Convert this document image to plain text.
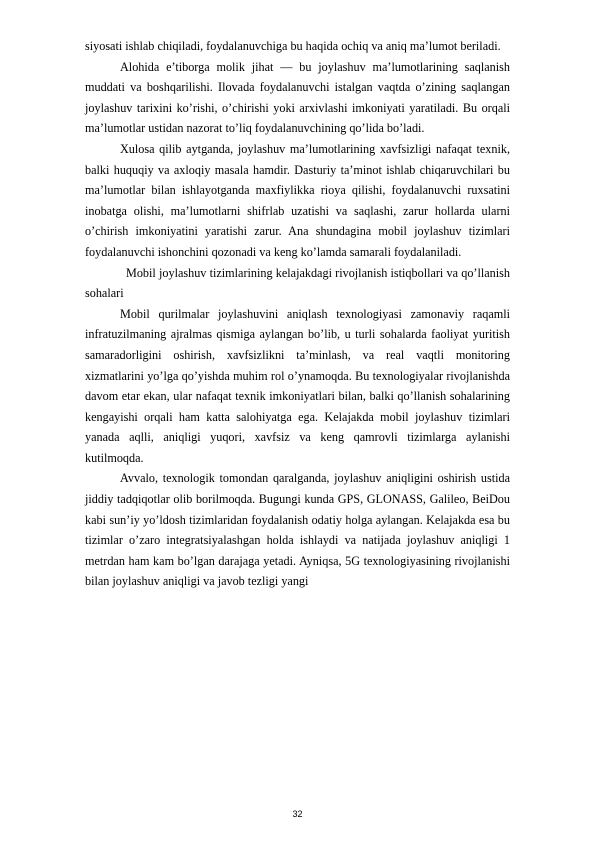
siyosati ishlab chiqiladi, foydalanuvchiga bu haqida ochiq va aniq ma’lumot beriladi.

Alohida e’tiborga molik jihat — bu joylashuv ma’lumotlarining saqlanish muddati va boshqarilishi. Ilovada foydalanuvchi istalgan vaqtda o’zining saqlangan joylashuv tarixini ko’rishi, o’chirishi yoki arxivlashi imkoniyati yaratiladi. Bu orqali ma’lumotlar ustidan nazorat to’liq foydalanuvchining qo’lida bo’ladi.

Xulosa qilib aytganda, joylashuv ma’lumotlarining xavfsizligi nafaqat texnik, balki huquqiy va axloqiy masala hamdir. Dasturiy ta’minot ishlab chiqaruvchilari bu ma’lumotlar bilan ishlayotganda maxfiylikka rioya qilishi, foydalanuvchi ruxsatini inobatga olishi, ma’lumotlarni shifrlab uzatishi va saqlashi, zarur hollarda ularni o’chirish imkoniyatini yaratishi zarur. Ana shundagina mobil joylashuv tizimlari foydalanuvchi ishonchini qozonadi va keng ko’lamda samarali foydalaniladi.

Mobil joylashuv tizimlarining kelajakdagi rivojlanish istiqbollari va qo’llanish sohalari

Mobil qurilmalar joylashuvini aniqlash texnologiyasi zamonaviy raqamli infratuzilmaning ajralmas qismiga aylangan bo’lib, u turli sohalarda faoliyat yuritish samaradorligini oshirish, xavfsizlikni ta’minlash, va real vaqtli monitoring xizmatlarini yo’lga qo’yishda muhim rol o’ynamoqda. Bu texnologiyalar rivojlanishda davom etar ekan, ular nafaqat texnik imkoniyatlari bilan, balki qo’llanish sohalarining kengayishi orqali ham katta salohiyatga ega. Kelajakda mobil joylashuv tizimlari yanada aqlli, aniqligi yuqori, xavfsiz va keng qamrovli tizimlarga aylanishi kutilmoqda.

Avvalo, texnologik tomondan qaralganda, joylashuv aniqligini oshirish ustida jiddiy tadqiqotlar olib borilmoqda. Bugungi kunda GPS, GLONASS, Galileo, BeiDou kabi sun’iy yo’ldosh tizimlaridan foydalanish odatiy holga aylangan. Kelajakda esa bu tizimlar o’zaro integratsiyalashgan holda ishlaydi va natijada joylashuv aniqligi 1 metrdan ham kam bo’lgan darajaga yetadi. Ayniqsa, 5G texnologiyasining rivojlanishi bilan joylashuv aniqligi va javob tezligi yangi

32
